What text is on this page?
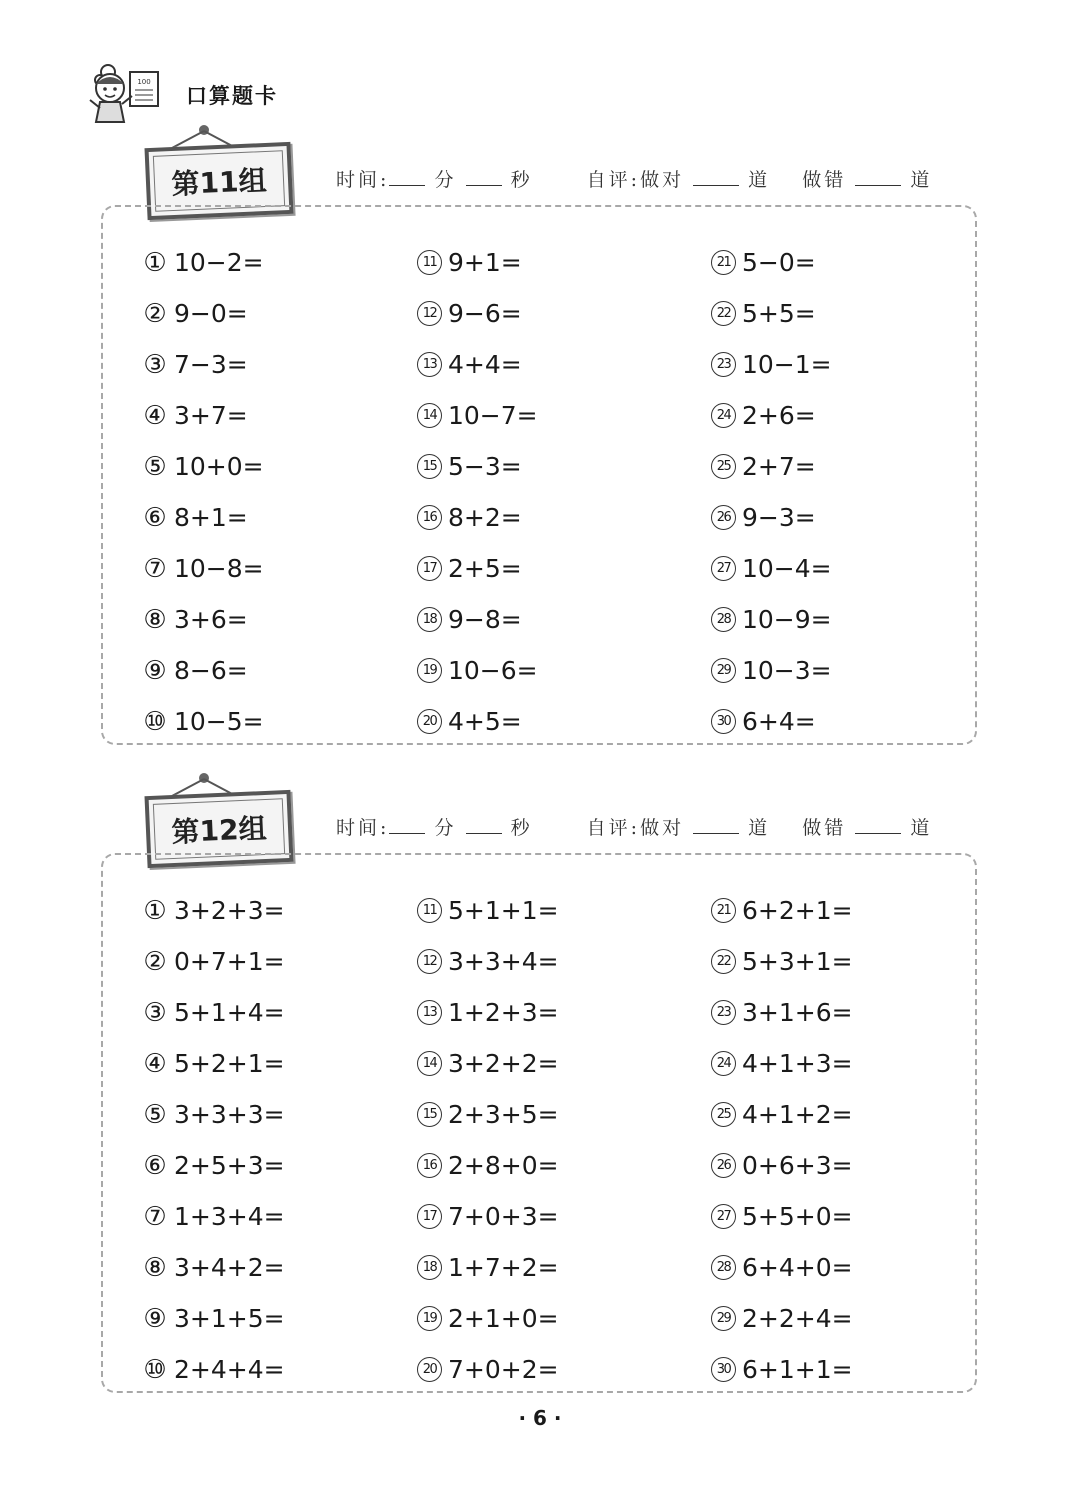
100
口算题卡
第11组	时间: 分	秒	自评:做对	道 做错	道
① 10−2=
② 9−0=
③ 7−3=
④ 3+7=
⑤ 10+0=
⑥ 8+1=
⑦ 10−8=
⑧ 3+6=
⑨ 8−6=
⑩ 10−5=
11 9+1=
12 9−6=
13 4+4=
14 10−7=
15 5−3=
16 8+2=
17 2+5=
18 9−8=
19 10−6=
20 4+5=
21 5−0=
22 5+5=
23 10−1=
24 2+6=
25 2+7=
26 9−3=
27 10−4=
28 10−9=
29 10−3=
30 6+4=
第12组	时间: 分	秒	自评:做对	道 做错	道
① 3+2+3=
② 0+7+1=
③ 5+1+4=
④ 5+2+1=
⑤ 3+3+3=
⑥ 2+5+3=
⑦ 1+3+4=
⑧ 3+4+2=
⑨ 3+1+5=
⑩ 2+4+4=
11 5+1+1=
12 3+3+4=
13 1+2+3=
14 3+2+2=
15 2+3+5=
16 2+8+0=
17 7+0+3=
18 1+7+2=
19 2+1+0=
20 7+0+2=
21 6+2+1=
22 5+3+1=
23 3+1+6=
24 4+1+3=
25 4+1+2=
26 0+6+3=
27 5+5+0=
28 6+4+0=
29 2+2+4=
30 6+1+1=
· 6 ·
